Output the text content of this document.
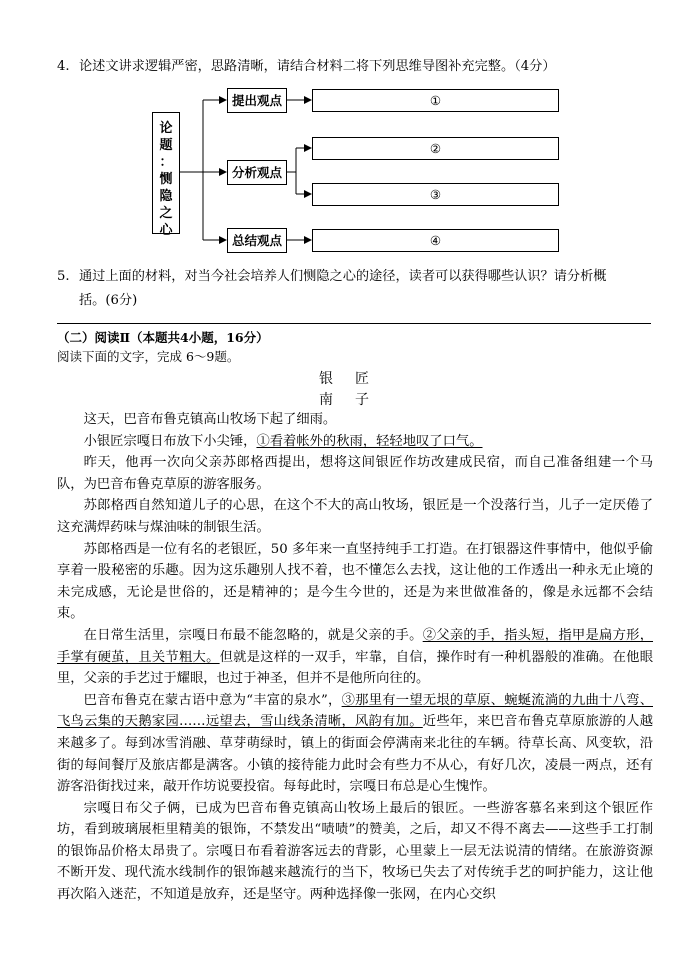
4. 论述文讲求逻辑严密，思路清晰，请结合材料二将下列思维导图补充完整。（4分）
论
题
：
恻
隐
之
心
提出观点
分析观点
总结观点
①
②
③
④
5. 通过上面的材料，对当今社会培养人们恻隐之心的途径，读者可以获得哪些认识？请分析概
括。(6分)
（二）阅读Ⅱ（本题共4小题，16分）
阅读下面的文字，完成 6～9题。
银匠
南子

这天，巴音布鲁克镇高山牧场下起了细雨。

小银匠宗嘎日布放下小尖锤，①看着帐外的秋雨，轻轻地叹了口气。

昨天，他再一次向父亲苏郎格西提出，想将这间银匠作坊改建成民宿，而自己准备组建一个马队，为巴音布鲁克草原的游客服务。

苏郎格西自然知道儿子的心思，在这个不大的高山牧场，银匠是一个没落行当，儿子一定厌倦了这充满焊药味与煤油味的制银生活。

苏郎格西是一位有名的老银匠，50 多年来一直坚持纯手工打造。在打银器这件事情中，他似乎偷享着一股秘密的乐趣。因为这乐趣别人找不着，也不懂怎么去找，这让他的工作透出一种永无止境的未完成感，无论是世俗的，还是精神的；是今生今世的，还是为来世做准备的，像是永远都不会结束。

在日常生活里，宗嘎日布最不能忽略的，就是父亲的手。②父亲的手，指头短，指甲是扁方形，手掌有硬茧，且关节粗大。但就是这样的一双手，牢靠，自信，操作时有一种机器般的准确。在他眼里，父亲的手艺过于耀眼，也过于神圣，但并不是他所向往的。

巴音布鲁克在蒙古语中意为“丰富的泉水”，③那里有一望无垠的草原、蜿蜒流淌的九曲十八弯、飞鸟云集的天鹅家园……远望去，雪山线条清晰，风韵有加。近些年，来巴音布鲁克草原旅游的人越来越多了。每到冰雪消融、草芽萌绿时，镇上的街面会停满南来北往的车辆。待草长高、风变软，沿街的每间餐厅及旅店都是满客。小镇的接待能力此时会有些力不从心，有好几次，凌晨一两点，还有游客沿街找过来，敲开作坊说要投宿。每每此时，宗嘎日布总是心生愧怍。

宗嘎日布父子俩，已成为巴音布鲁克镇高山牧场上最后的银匠。一些游客慕名来到这个银匠作坊，看到玻璃展柜里精美的银饰，不禁发出“啧啧”的赞美，之后，却又不得不离去——这些手工打制的银饰品价格太昂贵了。宗嘎日布看着游客远去的背影，心里蒙上一层无法说清的情绪。在旅游资源不断开发、现代流水线制作的银饰越来越流行的当下，牧场已失去了对传统手艺的呵护能力，这让他再次陷入迷茫，不知道是放弃，还是坚守。两种选择像一张网，在内心交织
